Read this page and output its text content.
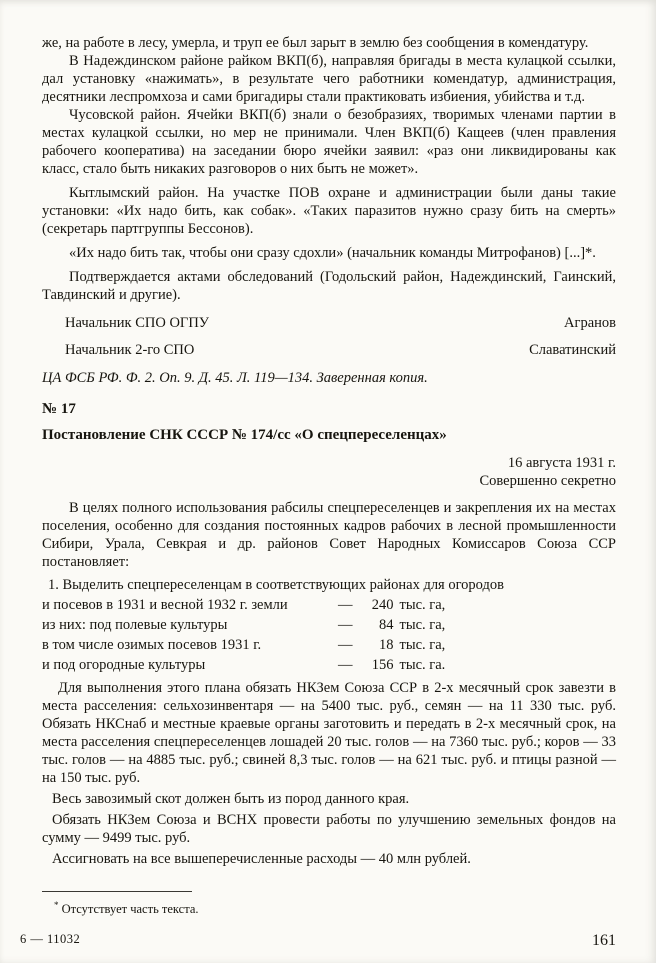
же, на работе в лесу, умерла, и труп ее был зарыт в землю без сообщения в комендатуру.

В Надеждинском районе райком ВКП(б), направляя бригады в места кулацкой ссылки, дал установку «нажимать», в результате чего работники комендатур, администрация, десятники леспромхоза и сами бригадиры стали практиковать избиения, убийства и т.д.

Чусовской район. Ячейки ВКП(б) знали о безобразиях, творимых членами партии в местах кулацкой ссылки, но мер не принимали. Член ВКП(б) Кащеев (член правления рабочего кооператива) на заседании бюро ячейки заявил: «раз они ликвидированы как класс, стало быть никаких разговоров о них быть не может».

Кытлымский район. На участке ПОВ охране и администрации были даны такие установки: «Их надо бить, как собак». «Таких паразитов нужно сразу бить на смерть» (секретарь партгруппы Бессонов).

«Их надо бить так, чтобы они сразу сдохли» (начальник команды Митрофанов) [...]*.

Подтверждается актами обследований (Годольский район, Надеждинский, Гаинский, Тавдинский и другие).

Начальник СПО ОГПУ	Агранов
Начальник 2-го СПО	Славатинский

ЦА ФСБ РФ. Ф. 2. Оп. 9. Д. 45. Л. 119—134. Заверенная копия.

№ 17
Постановление СНК СССР № 174/сс «О спецпереселенцах»
16 августа 1931 г.
Совершенно секретно

В целях полного использования рабсилы спецпереселенцев и закрепления их на местах поселения, особенно для создания постоянных кадров рабочих в лесной промышленности Сибири, Урала, Севкрая и др. районов Совет Народных Комиссаров Союза ССР постановляет:

1. Выделить спецпереселенцам в соответствующих районах для огородов
и посевов в 1931 и весной 1932 г. земли	— 240 тыс. га,
из них: под полевые культуры	— 84 тыс. га,
в том числе озимых посевов 1931 г.	— 18 тыс. га,
и под огородные культуры	— 156 тыс. га.

Для выполнения этого плана обязать НКЗем Союза ССР в 2-х месячный срок завезти в места расселения: сельхозинвентаря — на 5400 тыс. руб., семян — на 11 330 тыс. руб. Обязать НКСнаб и местные краевые органы заготовить и передать в 2-х месячный срок, на места расселения спецпереселенцев лошадей 20 тыс. голов — на 7360 тыс. руб.; коров — 33 тыс. голов — на 4885 тыс. руб.; свиней 8,3 тыс. голов — на 621 тыс. руб. и птицы разной — на 150 тыс. руб.

Весь завозимый скот должен быть из пород данного края.

Обязать НКЗем Союза и ВСНХ провести работы по улучшению земельных фондов на сумму — 9499 тыс. руб.

Ассигновать на все вышеперечисленные расходы — 40 млн рублей.

* Отсутствует часть текста.

6 — 11032	161
